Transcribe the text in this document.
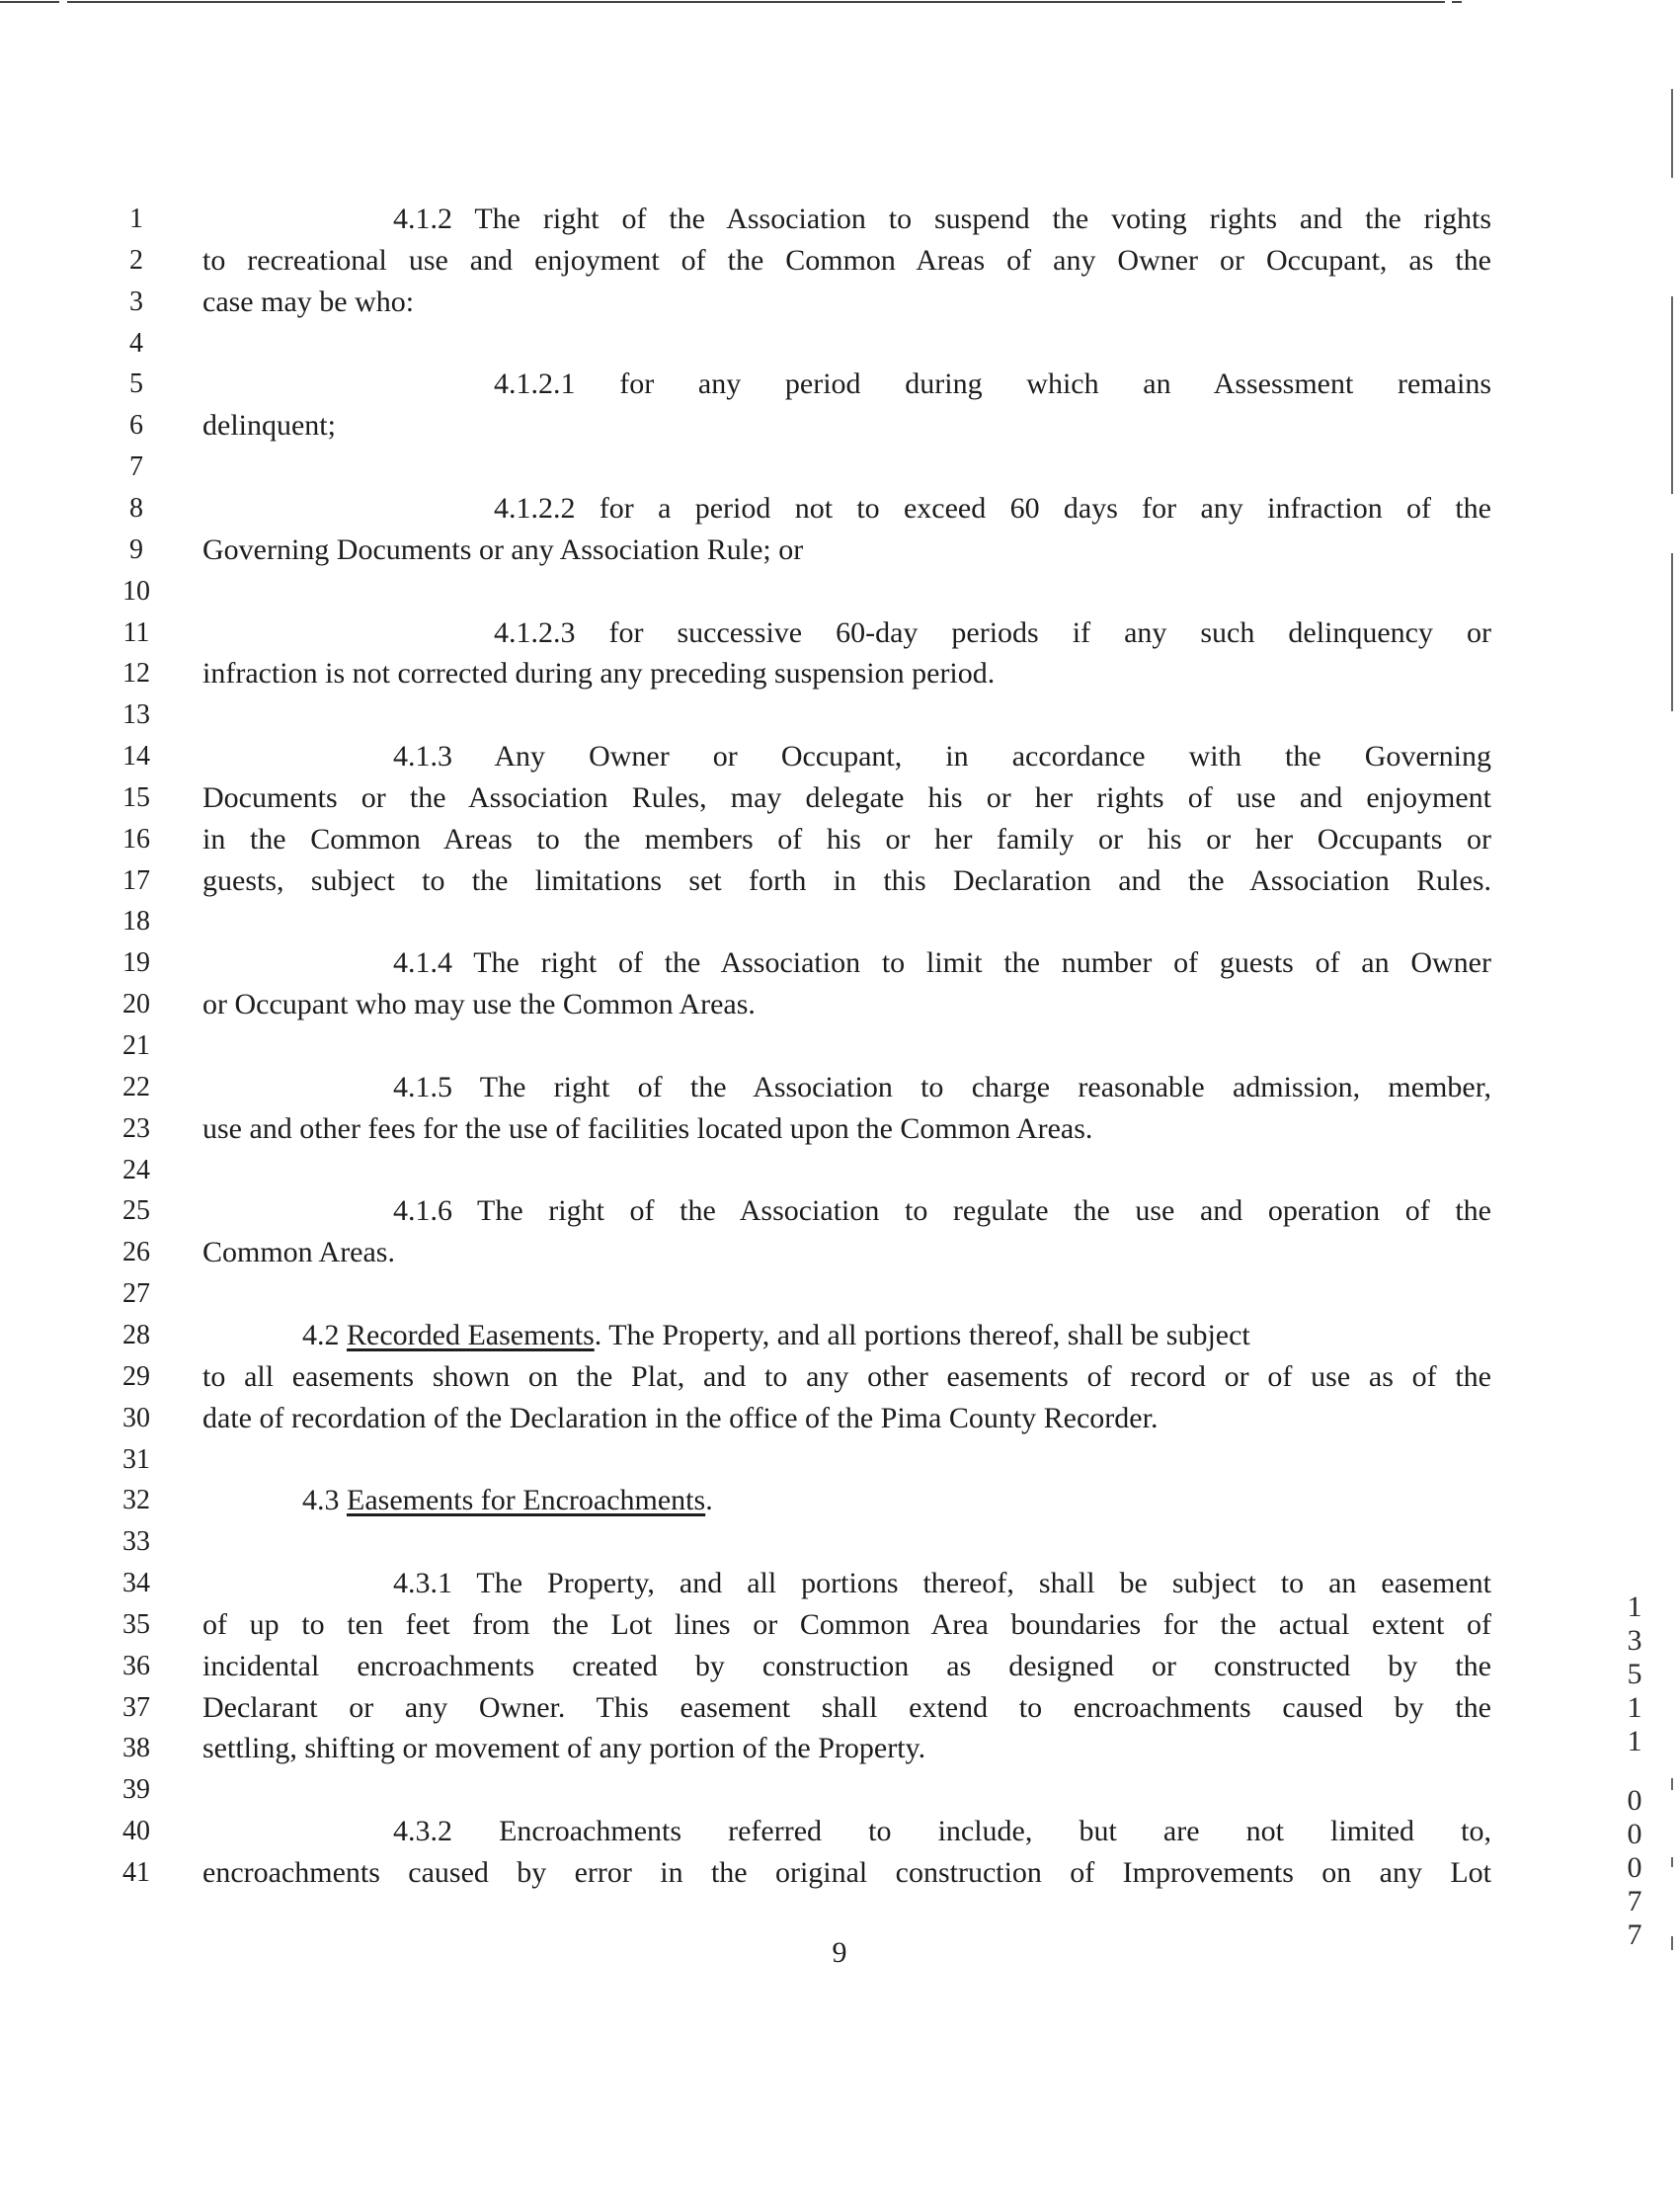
1	4.1.2 The right of the Association to suspend the voting rights and the rights
2	to recreational use and enjoyment of the Common Areas of any Owner or Occupant, as the
3	case may be who:
4
5	4.1.2.1 for any period during which an Assessment remains
6	delinquent;
7
8	4.1.2.2 for a period not to exceed 60 days for any infraction of the
9	Governing Documents or any Association Rule; or
10
11	4.1.2.3 for successive 60-day periods if any such delinquency or
12 infraction is not corrected during any preceding suspension period.
13
14	4.1.3 Any Owner or Occupant, in accordance with the Governing
15 Documents or the Association Rules, may delegate his or her rights of use and enjoyment
16 in the Common Areas to the members of his or her family or his or her Occupants or
17 guests, subject to the limitations set forth in this Declaration and the Association Rules.
18
19	4.1.4 The right of the Association to limit the number of guests of an Owner
20 or Occupant who may use the Common Areas.
21
22	4.1.5 The right of the Association to charge reasonable admission, member,
23 use and other fees for the use of facilities located upon the Common Areas.
24
25	4.1.6 The right of the Association to regulate the use and operation of the
26 Common Areas.
27
28	4.2 Recorded Easements. The Property, and all portions thereof, shall be subject
29 to all easements shown on the Plat, and to any other easements of record or of use as of the
30 date of recordation of the Declaration in the office of the Pima County Recorder.
31
32	4.3 Easements for Encroachments.
33
34	4.3.1 The Property, and all portions thereof, shall be subject to an easement
35 of up to ten feet from the Lot lines or Common Area boundaries for the actual extent of
36 incidental encroachments created by construction as designed or constructed by the
37 Declarant or any Owner. This easement shall extend to encroachments caused by the
38 settling, shifting or movement of any portion of the Property.
39
40	4.3.2 Encroachments referred to include, but are not limited to,
41 encroachments caused by error in the original construction of Improvements on any Lot
9
1
3
5
1
1
0
0
0
7
7
